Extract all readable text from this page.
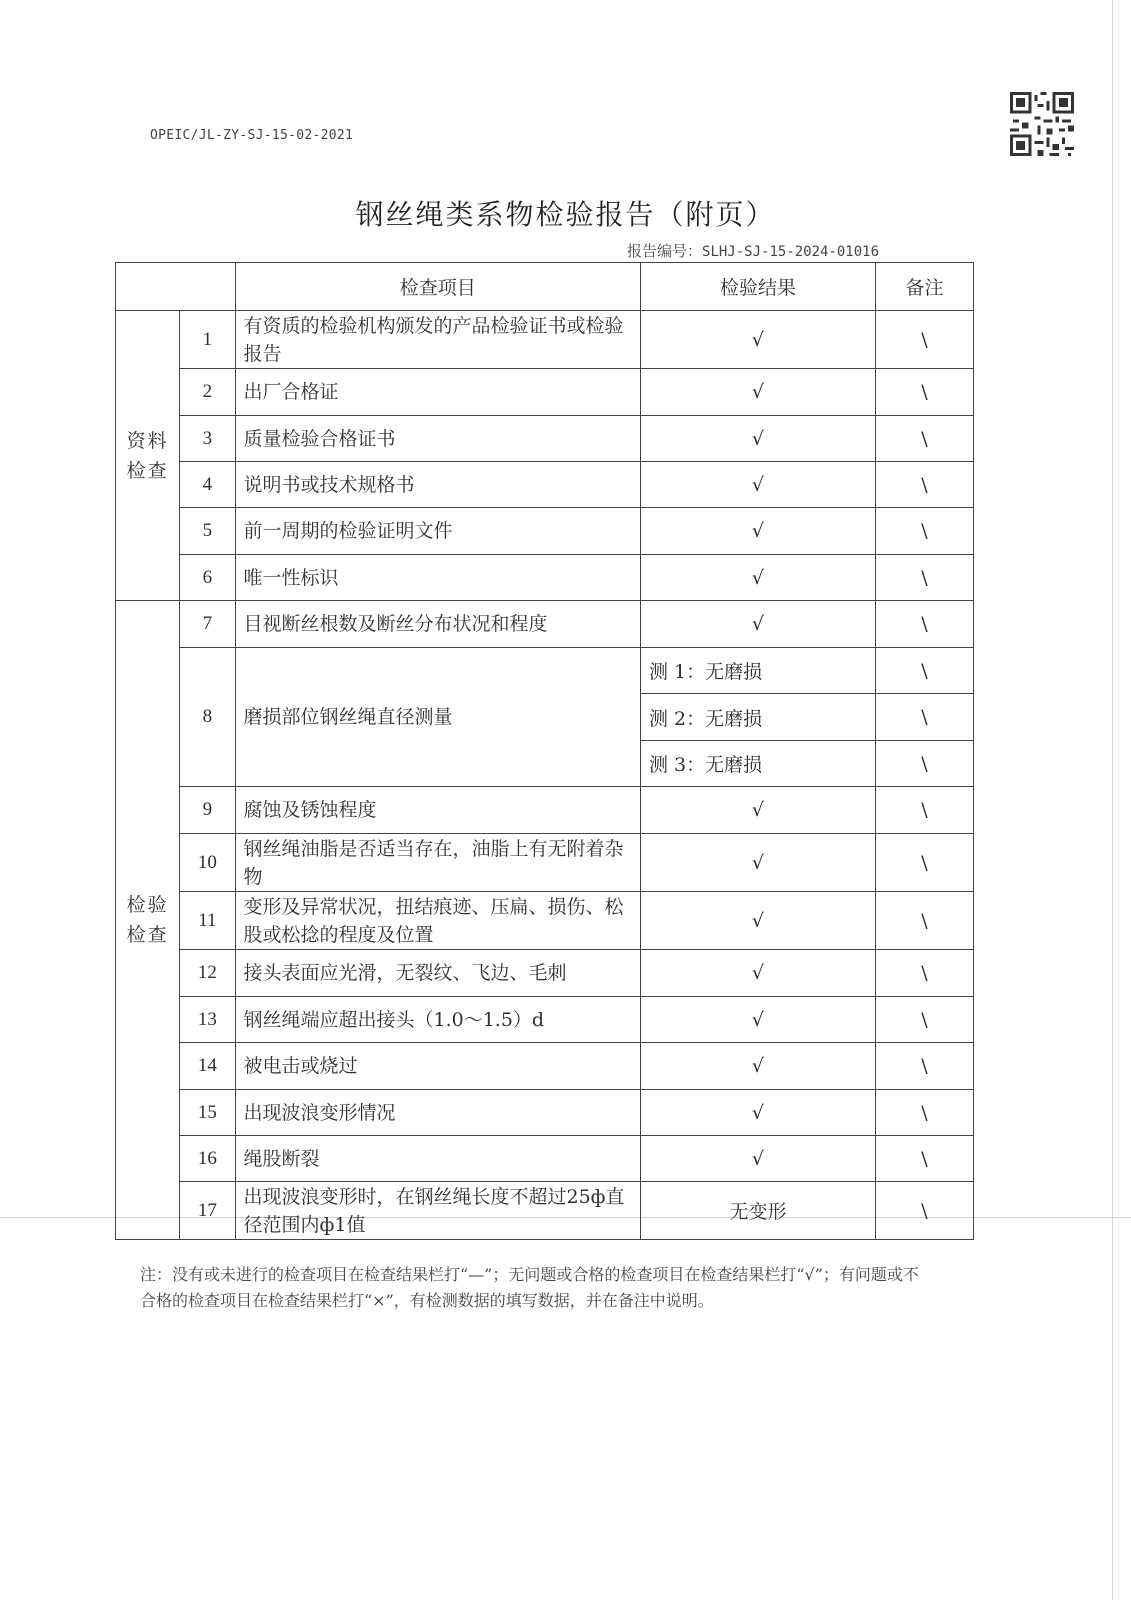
OPEIC/JL-ZY-SJ-15-02-2021
钢丝绳类系物检验报告（附页）
报告编号：SLHJ-SJ-15-2024-01016
		检查项目	检验结果	备注
资料检查	1	有资质的检验机构颁发的产品检验证书或检验报告	√	\
	2	出厂合格证	√	\
	3	质量检验合格证书	√	\
	4	说明书或技术规格书	√	\
	5	前一周期的检验证明文件	√	\
	6	唯一性标识	√	\
检验检查	7	目视断丝根数及断丝分布状况和程度	√	\
	8	磨损部位钢丝绳直径测量	测 1：无磨损	\
			测 2：无磨损	\
			测 3：无磨损	\
	9	腐蚀及锈蚀程度	√	\
	10	钢丝绳油脂是否适当存在，油脂上有无附着杂物	√	\
	11	变形及异常状况，扭结痕迹、压扁、损伤、松股或松捻的程度及位置	√	\
	12	接头表面应光滑，无裂纹、飞边、毛刺	√	\
	13	钢丝绳端应超出接头（1.0～1.5）d	√	\
	14	被电击或烧过	√	\
	15	出现波浪变形情况	√	\
	16	绳股断裂	√	\
	17	出现波浪变形时，在钢丝绳长度不超过25ф直径范围内ф1值	无变形	\
注：没有或未进行的检查项目在检查结果栏打“—”；无问题或合格的检查项目在检查结果栏打“√”；有问题或不合格的检查项目在检查结果栏打“×”，有检测数据的填写数据，并在备注中说明。
